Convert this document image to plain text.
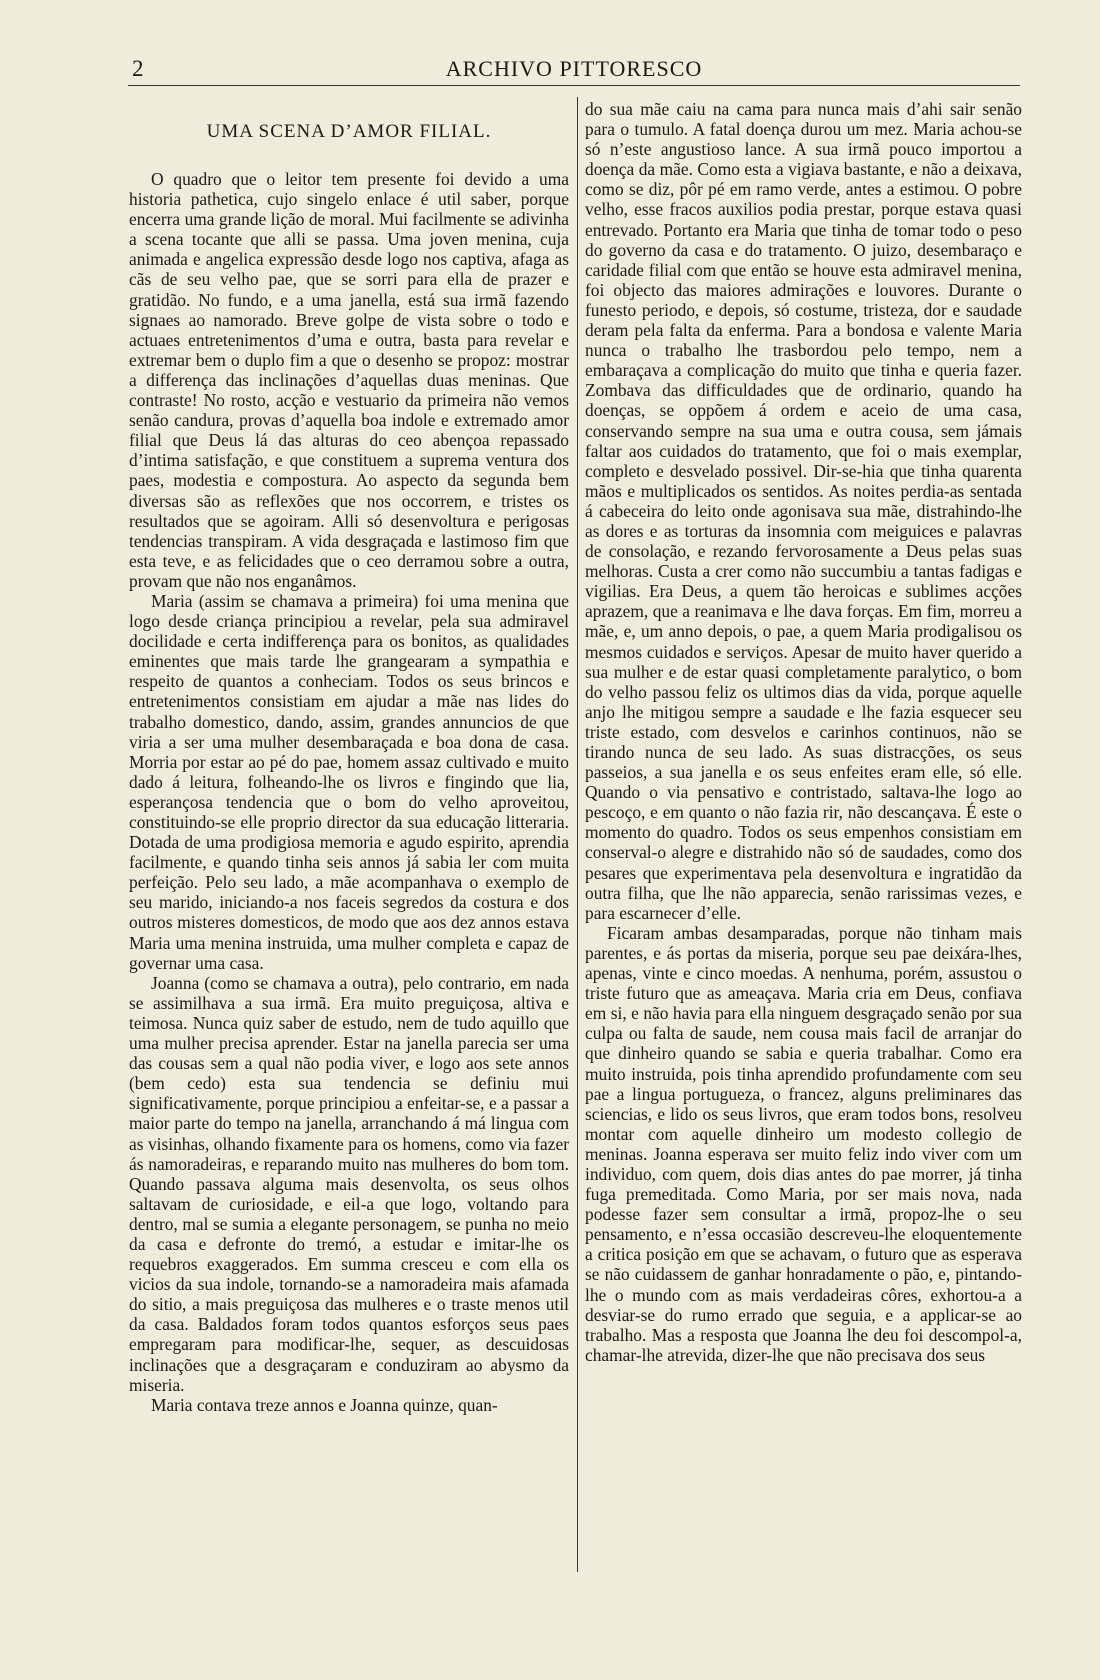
2	ARCHIVO PITTORESCO
UMA SCENA D’AMOR FILIAL.

O quadro que o leitor tem presente foi devido a uma historia pathetica, cujo singelo enlace é util saber, porque encerra uma grande lição de moral. Mui facilmente se adivinha a scena tocante que alli se passa. Uma joven menina, cuja animada e angelica expressão desde logo nos captiva, afaga as cãs de seu velho pae, que se sorri para ella de prazer e gratidão. No fundo, e a uma janella, está sua irmã fazendo signaes ao namorado. Breve golpe de vista sobre o todo e actuaes entretenimentos d’uma e outra, basta para revelar e extremar bem o duplo fim a que o desenho se propoz: mostrar a differença das inclinações d’aquellas duas meninas. Que contraste! No rosto, acção e vestuario da primeira não vemos senão candura, provas d’aquella boa indole e extremado amor filial que Deus lá das alturas do ceo abençoa repassado d’intima satisfação, e que constituem a suprema ventura dos paes, modestia e compostura. Ao aspecto da segunda bem diversas são as reflexões que nos occorrem, e tristes os resultados que se agoiram. Alli só desenvoltura e perigosas tendencias transpiram. A vida desgraçada e lastimoso fim que esta teve, e as felicidades que o ceo derramou sobre a outra, provam que não nos enganâmos.

Maria (assim se chamava a primeira) foi uma menina que logo desde criança principiou a revelar, pela sua admiravel docilidade e certa indifferença para os bonitos, as qualidades eminentes que mais tarde lhe grangearam a sympathia e respeito de quantos a conheciam. Todos os seus brincos e entretenimentos consistiam em ajudar a mãe nas lides do trabalho domestico, dando, assim, grandes annuncios de que viria a ser uma mulher desembaraçada e boa dona de casa. Morria por estar ao pé do pae, homem assaz cultivado e muito dado á leitura, folheando-lhe os livros e fingindo que lia, esperançosa tendencia que o bom do velho aproveitou, constituindo-se elle proprio director da sua educação litteraria. Dotada de uma prodigiosa memoria e agudo espirito, aprendia facilmente, e quando tinha seis annos já sabia ler com muita perfeição. Pelo seu lado, a mãe acompanhava o exemplo de seu marido, iniciando-a nos faceis segredos da costura e dos outros misteres domesticos, de modo que aos dez annos estava Maria uma menina instruida, uma mulher completa e capaz de governar uma casa.

Joanna (como se chamava a outra), pelo contrario, em nada se assimilhava a sua irmã. Era muito preguiçosa, altiva e teimosa. Nunca quiz saber de estudo, nem de tudo aquillo que uma mulher precisa aprender. Estar na janella parecia ser uma das cousas sem a qual não podia viver, e logo aos sete annos (bem cedo) esta sua tendencia se definiu mui significativamente, porque principiou a enfeitar-se, e a passar a maior parte do tempo na janella, arranchando á má lingua com as visinhas, olhando fixamente para os homens, como via fazer ás namoradeiras, e reparando muito nas mulheres do bom tom. Quando passava alguma mais desenvolta, os seus olhos saltavam de curiosidade, e eil-a que logo, voltando para dentro, mal se sumia a elegante personagem, se punha no meio da casa e defronte do tremó, a estudar e imitar-lhe os requebros exaggerados. Em summa cresceu e com ella os vicios da sua indole, tornando-se a namoradeira mais afamada do sitio, a mais preguiçosa das mulheres e o traste menos util da casa. Baldados foram todos quantos esforços seus paes empregaram para modificar-lhe, sequer, as descuidosas inclinações que a desgraçaram e conduziram ao abysmo da miseria.

Maria contava treze annos e Joanna quinze, quan-

do sua mãe caiu na cama para nunca mais d’ahi sair senão para o tumulo. A fatal doença durou um mez. Maria achou-se só n’este angustioso lance. A sua irmã pouco importou a doença da mãe. Como esta a vigiava bastante, e não a deixava, como se diz, pôr pé em ramo verde, antes a estimou. O pobre velho, esse fracos auxilios podia prestar, porque estava quasi entrevado. Portanto era Maria que tinha de tomar todo o peso do governo da casa e do tratamento. O juizo, desembaraço e caridade filial com que então se houve esta admiravel menina, foi objecto das maiores admirações e louvores. Durante o funesto periodo, e depois, só costume, tristeza, dor e saudade deram pela falta da enferma. Para a bondosa e valente Maria nunca o trabalho lhe trasbordou pelo tempo, nem a embaraçava a complicação do muito que tinha e queria fazer. Zombava das difficuldades que de ordinario, quando ha doenças, se oppõem á ordem e aceio de uma casa, conservando sempre na sua uma e outra cousa, sem jámais faltar aos cuidados do tratamento, que foi o mais exemplar, completo e desvelado possivel. Dir-se-hia que tinha quarenta mãos e multiplicados os sentidos. As noites perdia-as sentada á cabeceira do leito onde agonisava sua mãe, distrahindo-lhe as dores e as torturas da insomnia com meiguices e palavras de consolação, e rezando fervorosamente a Deus pelas suas melhoras. Custa a crer como não succumbiu a tantas fadigas e vigilias. Era Deus, a quem tão heroicas e sublimes acções aprazem, que a reanimava e lhe dava forças. Em fim, morreu a mãe, e, um anno depois, o pae, a quem Maria prodigalisou os mesmos cuidados e serviços. Apesar de muito haver querido a sua mulher e de estar quasi completamente paralytico, o bom do velho passou feliz os ultimos dias da vida, porque aquelle anjo lhe mitigou sempre a saudade e lhe fazia esquecer seu triste estado, com desvelos e carinhos continuos, não se tirando nunca de seu lado. As suas distracções, os seus passeios, a sua janella e os seus enfeites eram elle, só elle. Quando o via pensativo e contristado, saltava-lhe logo ao pescoço, e em quanto o não fazia rir, não descançava. É este o momento do quadro. Todos os seus empenhos consistiam em conserval-o alegre e distrahido não só de saudades, como dos pesares que experimentava pela desenvoltura e ingratidão da outra filha, que lhe não apparecia, senão rarissimas vezes, e para escarnecer d’elle.

Ficaram ambas desamparadas, porque não tinham mais parentes, e ás portas da miseria, porque seu pae deixára-lhes, apenas, vinte e cinco moedas. A nenhuma, porém, assustou o triste futuro que as ameaçava. Maria cria em Deus, confiava em si, e não havia para ella ninguem desgraçado senão por sua culpa ou falta de saude, nem cousa mais facil de arranjar do que dinheiro quando se sabia e queria trabalhar. Como era muito instruida, pois tinha aprendido profundamente com seu pae a lingua portugueza, o francez, alguns preliminares das sciencias, e lido os seus livros, que eram todos bons, resolveu montar com aquelle dinheiro um modesto collegio de meninas. Joanna esperava ser muito feliz indo viver com um individuo, com quem, dois dias antes do pae morrer, já tinha fuga premeditada. Como Maria, por ser mais nova, nada podesse fazer sem consultar a irmã, propoz-lhe o seu pensamento, e n’essa occasião descreveu-lhe eloquentemente a critica posição em que se achavam, o futuro que as esperava se não cuidassem de ganhar honradamente o pão, e, pintando-lhe o mundo com as mais verdadeiras côres, exhortou-a a desviar-se do rumo errado que seguia, e a applicar-se ao trabalho. Mas a resposta que Joanna lhe deu foi descompol-a, chamar-lhe atrevida, dizer-lhe que não precisava dos seus
